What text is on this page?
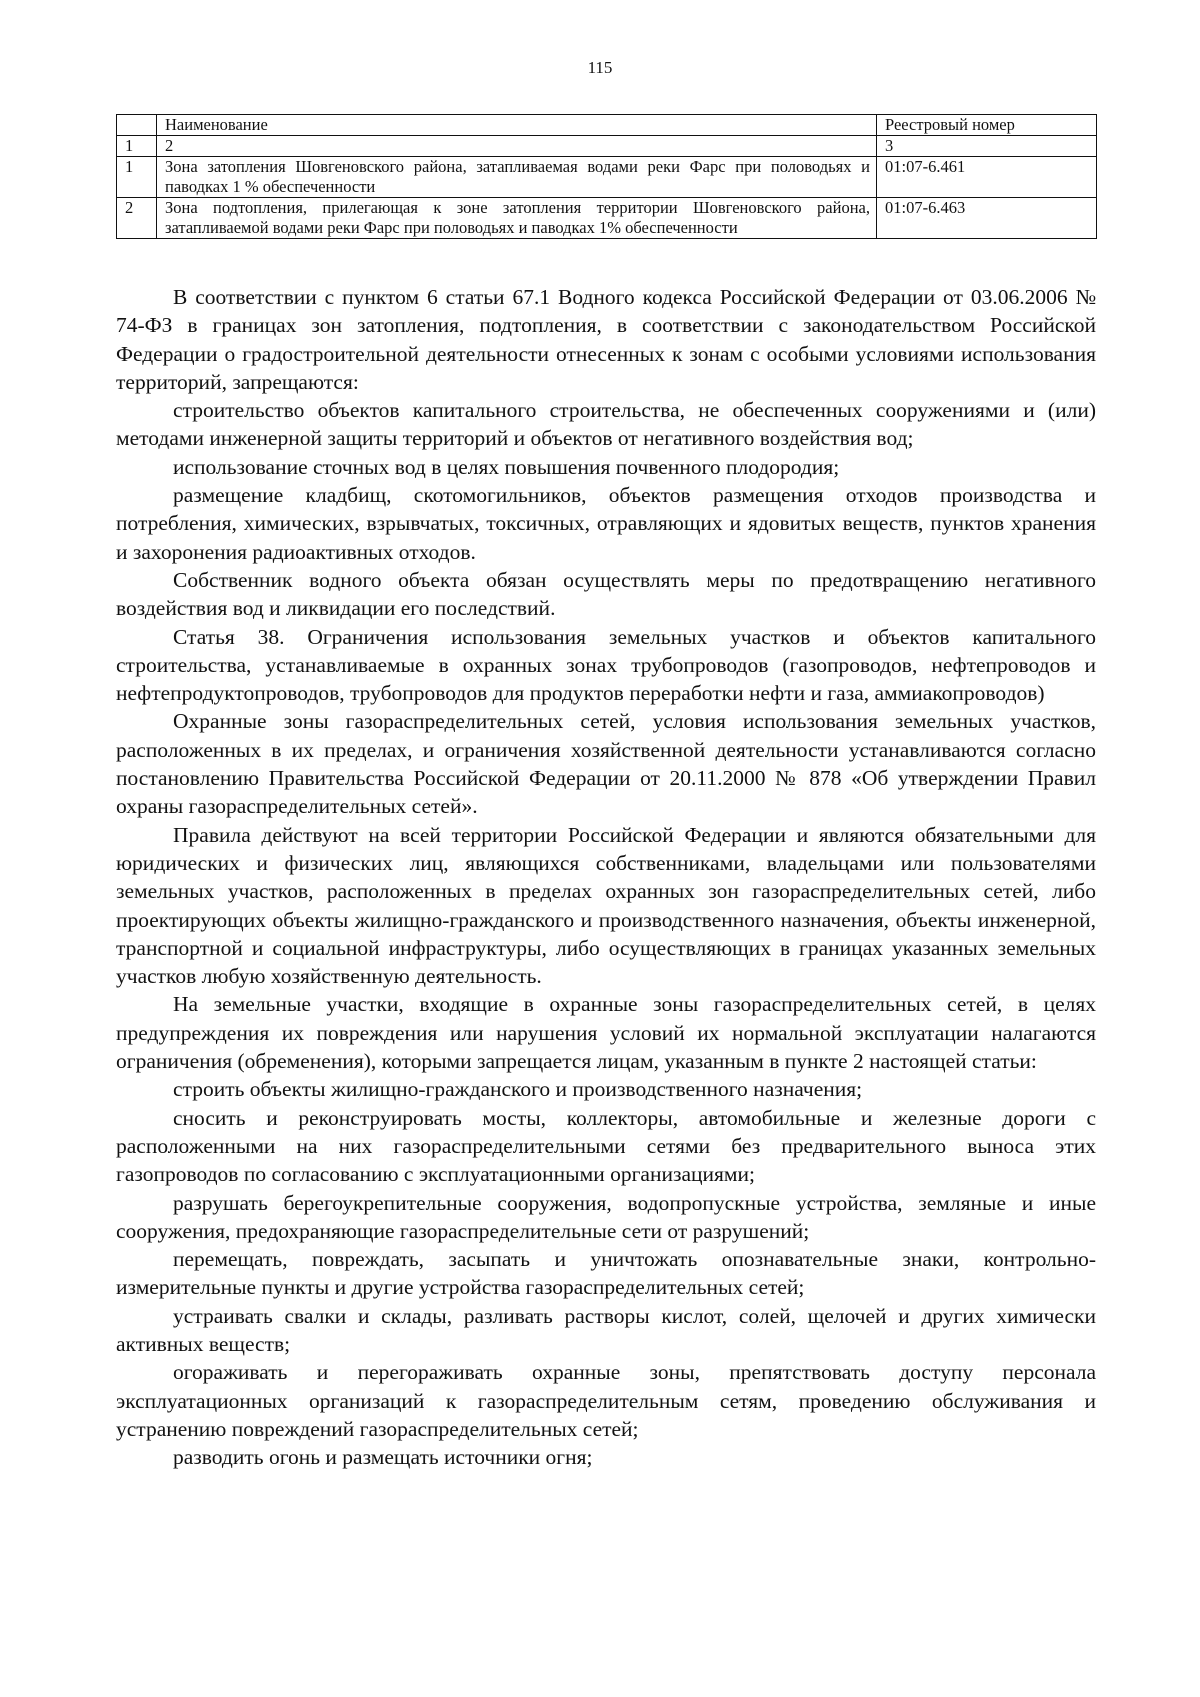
115
	Наименование	Реестровый номер
1	2	3
1	Зона затопления Шовгеновского района, затапливаемая водами реки Фарс при половодьях и паводках 1 % обеспеченности	01:07-6.461
2	Зона подтопления, прилегающая к зоне затопления территории Шовгеновского района, затапливаемой водами реки Фарс при половодьях и паводках 1% обеспеченности	01:07-6.463

В соответствии с пунктом 6 статьи 67.1 Водного кодекса Российской Федерации от 03.06.2006 № 74-ФЗ в границах зон затопления, подтопления, в соответствии с законодательством Российской Федерации о градостроительной деятельности отнесенных к зонам с особыми условиями использования территорий, запрещаются:

строительство объектов капитального строительства, не обеспеченных сооружениями и (или) методами инженерной защиты территорий и объектов от негативного воздействия вод;

использование сточных вод в целях повышения почвенного плодородия;

размещение кладбищ, скотомогильников, объектов размещения отходов производства и потребления, химических, взрывчатых, токсичных, отравляющих и ядовитых веществ, пунктов хранения и захоронения радиоактивных отходов.

Собственник водного объекта обязан осуществлять меры по предотвращению негативного воздействия вод и ликвидации его последствий.

Статья 38. Ограничения использования земельных участков и объектов капитального строительства, устанавливаемые в охранных зонах трубопроводов (газопроводов, нефтепроводов и нефтепродуктопроводов, трубопроводов для продуктов переработки нефти и газа, аммиакопроводов)

Охранные зоны газораспределительных сетей, условия использования земельных участков, расположенных в их пределах, и ограничения хозяйственной деятельности устанавливаются согласно постановлению Правительства Российской Федерации от 20.11.2000 № 878 «Об утверждении Правил охраны газораспределительных сетей».

Правила действуют на всей территории Российской Федерации и являются обязательными для юридических и физических лиц, являющихся собственниками, владельцами или пользователями земельных участков, расположенных в пределах охранных зон газораспределительных сетей, либо проектирующих объекты жилищно-гражданского и производственного назначения, объекты инженерной, транспортной и социальной инфраструктуры, либо осуществляющих в границах указанных земельных участков любую хозяйственную деятельность.

На земельные участки, входящие в охранные зоны газораспределительных сетей, в целях предупреждения их повреждения или нарушения условий их нормальной эксплуатации налагаются ограничения (обременения), которыми запрещается лицам, указанным в пункте 2 настоящей статьи:

строить объекты жилищно-гражданского и производственного назначения;

сносить и реконструировать мосты, коллекторы, автомобильные и железные дороги с расположенными на них газораспределительными сетями без предварительного выноса этих газопроводов по согласованию с эксплуатационными организациями;

разрушать берегоукрепительные сооружения, водопропускные устройства, земляные и иные сооружения, предохраняющие газораспределительные сети от разрушений;

перемещать, повреждать, засыпать и уничтожать опознавательные знаки, контрольно-измерительные пункты и другие устройства газораспределительных сетей;

устраивать свалки и склады, разливать растворы кислот, солей, щелочей и других химически активных веществ;

огораживать и перегораживать охранные зоны, препятствовать доступу персонала эксплуатационных организаций к газораспределительным сетям, проведению обслуживания и устранению повреждений газораспределительных сетей;

разводить огонь и размещать источники огня;
